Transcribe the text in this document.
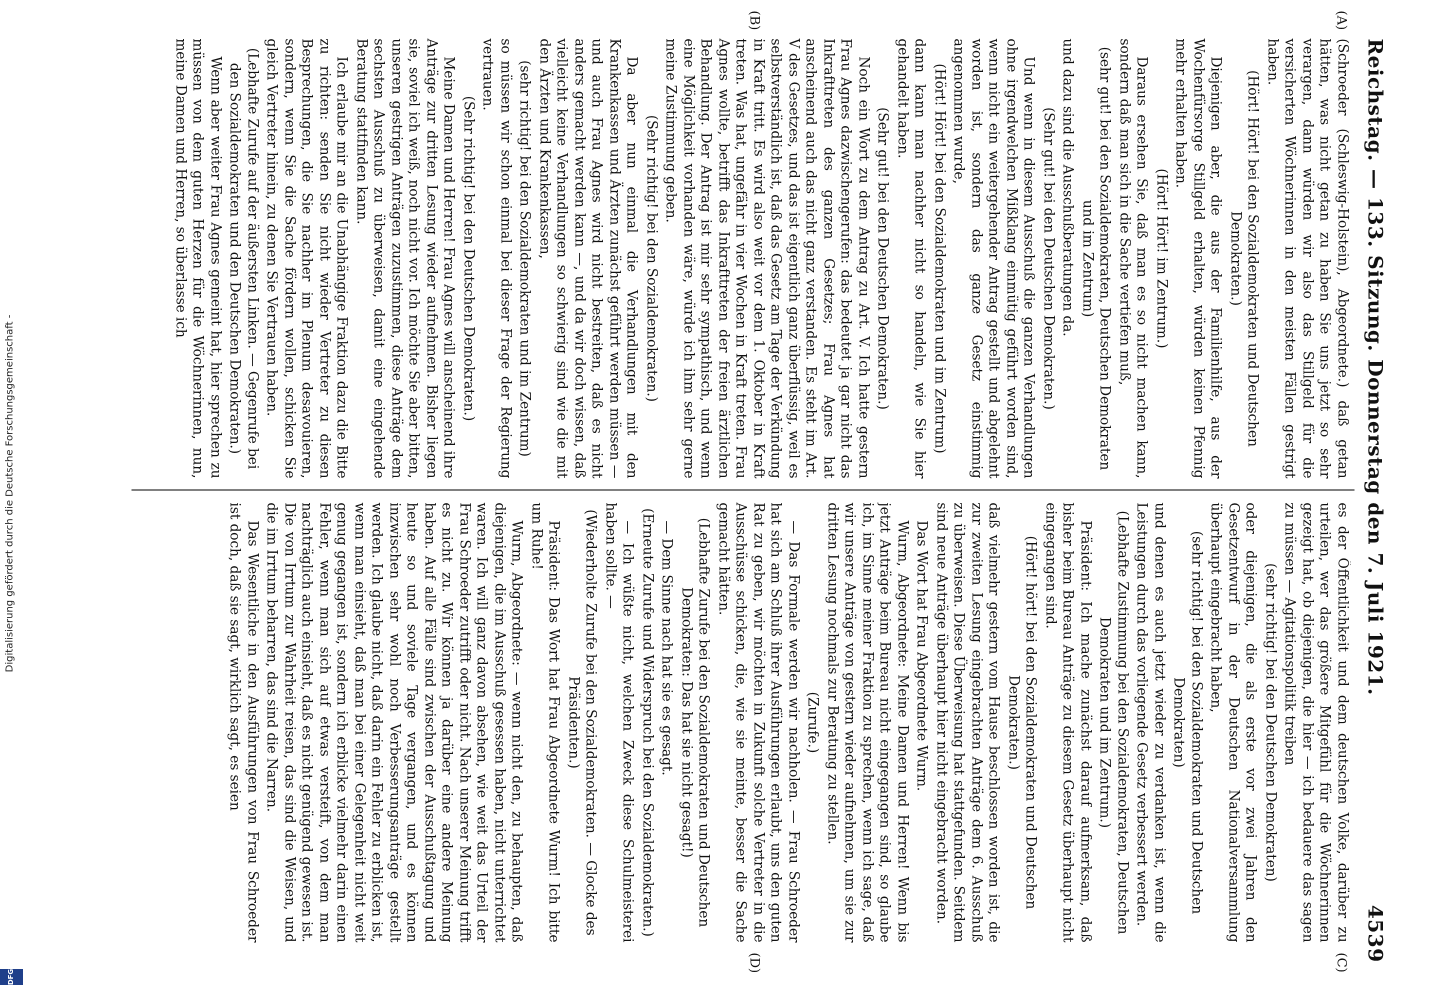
Digitalisierung gefördert durch die Deutsche Forschungsgemeinschaft -
DFG
Reichstag. — 133. Sitzung. Donnerstag den 7. Juli 1921.
4539
(A)
(B)
(C)
(D)

(Schroeder (Schleswig-Holstein), Abgeordnete.) daß getan hätten, was nicht getan zu haben Sie uns jetzt so sehr verargen, dann würden wir also das Stillgeld für die versicherten Wöchnerinnen in den meisten Fällen gestrigt haben.

(Hört! Hört! bei den Sozialdemokraten und Deutschen Demokraten.)

Diejenigen aber, die aus der Familienhilfe, aus der Wochenfürsorge Stillgeld erhalten, würden keinen Pfennig mehr erhalten haben.

(Hört! Hört! im Zentrum.)

Daraus ersehen Sie, daß man es so nicht machen kann, sondern daß man sich in die Sache vertiefen muß,

(sehr gut! bei den Sozialdemokraten, Deutschen Demokraten und im Zentrum)

und dazu sind die Ausschußberatungen da.

(Sehr gut! bei den Deutschen Demokraten.)

Und wenn in diesem Ausschuß die ganzen Verhandlungen ohne irgendwelchen Mißklang einmütig geführt worden sind, wenn nicht ein weitergehender Antrag gestellt und abgelehnt worden ist, sondern das ganze Gesetz einstimmig angenommen wurde,

(Hört! Hört! bei den Sozialdemokraten und im Zentrum)

dann kann man nachher nicht so handeln, wie Sie hier gehandelt haben.

(Sehr gut! bei den Deutschen Demokraten.)

Noch ein Wort zu dem Antrag zu Art. V. Ich hatte gestern Frau Agnes dazwischengerufen: das bedeutet ja gar nicht das Inkrafttreten des ganzen Gesetzes; Frau Agnes hat anscheinend auch das nicht ganz verstanden. Es steht im Art. V des Gesetzes, und das ist eigentlich ganz überflüssig, weil es selbstverständlich ist, daß das Gesetz am Tage der Verkündung in Kraft tritt. Es wird also weit vor dem 1. Oktober in Kraft treten. Was hat, ungefähr in vier Wochen in Kraft treten. Frau Agnes wollte, betrifft das Inkrafttreten der freien ärztlichen Behandlung. Der Antrag ist mir sehr sympathisch, und wenn eine Möglichkeit vorhanden wäre, würde ich ihm sehr gerne meine Zustimmung geben.

(Sehr richtig! bei den Sozialdemokraten.)

Da aber nun einmal die Verhandlungen mit den Krankenkassen und Ärzten zunächst geführt werden müssen — und auch Frau Agnes wird nicht bestreiten, daß es nicht anders gemacht werden kann —, und da wir doch wissen, daß vielleicht keine Verhandlungen so schwierig sind wie die mit den Ärzten und Krankenkassen,

(sehr richtig! bei den Sozialdemokraten und im Zentrum)

so müssen wir schon einmal bei dieser Frage der Regierung vertrauen.

(Sehr richtig! bei den Deutschen Demokraten.)

Meine Damen und Herren! Frau Agnes will anscheinend ihre Anträge zur dritten Lesung wieder aufnehmen. Bisher liegen sie, soviel ich weiß, noch nicht vor. Ich möchte Sie aber bitten, unseren gestrigen Anträgen zuzustimmen, diese Anträge dem sechsten Ausschuß zu überweisen, damit eine eingehende Beratung stattfinden kann.

Ich erlaube mir an die Unabhängige Fraktion dazu die Bitte zu richten: senden Sie nicht wieder Vertreter zu diesen Besprechungen, die Sie nachher im Plenum desavouieren, sondern, wenn Sie die Sache fördern wollen, schicken Sie gleich Vertreter hinein, zu denen Sie Vertrauen haben.

(Lebhafte Zurufe auf der äußersten Linken. — Gegenrufe bei den Sozialdemokraten und den Deutschen Demokraten.)

Wenn aber weiter Frau Agnes gemeint hat, hier sprechen zu müssen von dem guten Herzen für die Wöchnerinnen, nun, meine Damen und Herren, so überlasse ich

es der Öffentlichkeit und dem deutschen Volke, darüber zu urteilen, wer das größere Mitgefühl für die Wöchnerinnen gezeigt hat, ob diejenigen, die hier — ich bedauere das sagen zu müssen — Agitationspolitik treiben

(sehr richtig! bei den Deutschen Demokraten)

oder diejenigen, die als erste vor zwei Jahren den Gesetzentwurf in der Deutschen Nationalversammlung überhaupt eingebracht haben,

(sehr richtig! bei den Sozialdemokraten und Deutschen Demokraten)

und denen es auch jetzt wieder zu verdanken ist, wenn die Leistungen durch das vorliegende Gesetz verbessert werden.

(Lebhafte Zustimmung bei den Sozialdemokraten, Deutschen Demokraten und im Zentrum.)

Präsident: Ich mache zunächst darauf aufmerksam, daß bisher beim Bureau Anträge zu diesem Gesetz überhaupt nicht eingegangen sind.

(Hört! hört! bei den Sozialdemokraten und Deutschen Demokraten.)

daß vielmehr gestern vom Hause beschlossen worden ist, die zur zweiten Lesung eingebrachten Anträge dem 6. Ausschuß zu überweisen. Diese Überweisung hat stattgefunden. Seitdem sind neue Anträge überhaupt hier nicht eingebracht worden.

Das Wort hat Frau Abgeordnete Wurm.

Wurm, Abgeordnete: Meine Damen und Herren! Wenn bis jetzt Anträge beim Bureau nicht eingegangen sind, so glaube ich, im Sinne meiner Fraktion zu sprechen, wenn ich sage, daß wir unsere Anträge von gestern wieder aufnehmen, um sie zur dritten Lesung nochmals zur Beratung zu stellen.

(Zurufe.)

— Das Formale werden wir nachholen. — Frau Schroeder hat sich am Schluß ihrer Ausführungen erlaubt, uns den guten Rat zu geben, wir möchten in Zukunft solche Vertreter in die Ausschüsse schicken, die, wie sie meinte, besser die Sache gemacht hätten.

(Lebhafte Zurufe bei den Sozialdemokraten und Deutschen Demokraten: Das hat sie nicht gesagt!)

— Dem Sinne nach hat sie es gesagt.

(Erneute Zurufe und Widerspruch bei den Sozialdemokraten.)

— Ich wüßte nicht, welchen Zweck diese Schulmeisterei haben sollte. —

(Wiederholte Zurufe bei den Sozialdemokraten. — Glocke des Präsidenten.)

Präsident: Das Wort hat Frau Abgeordnete Wurm! Ich bitte um Ruhe!

Wurm, Abgeordnete: — wenn nicht den, zu behaupten, daß diejenigen, die im Ausschuß gesessen haben, nicht unterrichtet waren. Ich will ganz davon absehen, wie weit das Urteil der Frau Schroeder zutrifft oder nicht. Nach unserer Meinung trifft es nicht zu. Wir können ja darüber eine andere Meinung haben. Auf alle Fälle sind zwischen der Ausschußtagung und heute so und soviele Tage vergangen, und es können inzwischen sehr wohl noch Verbesserungsanträge gestellt werden. Ich glaube nicht, daß darin ein Fehler zu erblicken ist, wenn man einsieht, daß man bei einer Gelegenheit nicht weit genug gegangen ist, sondern ich erblicke vielmehr darin einen Fehler, wenn man sich auf etwas versteift, von dem man nachträglich auch einsieht, daß es nicht genügend gewesen ist. Die von Irrtum zur Wahrheit reisen, das sind die Weisen, und die im Irrtum beharren, das sind die Narren.

Das Wesentliche in den Ausführungen von Frau Schroeder ist doch, daß sie sagt, wirklich sagt, es seien
